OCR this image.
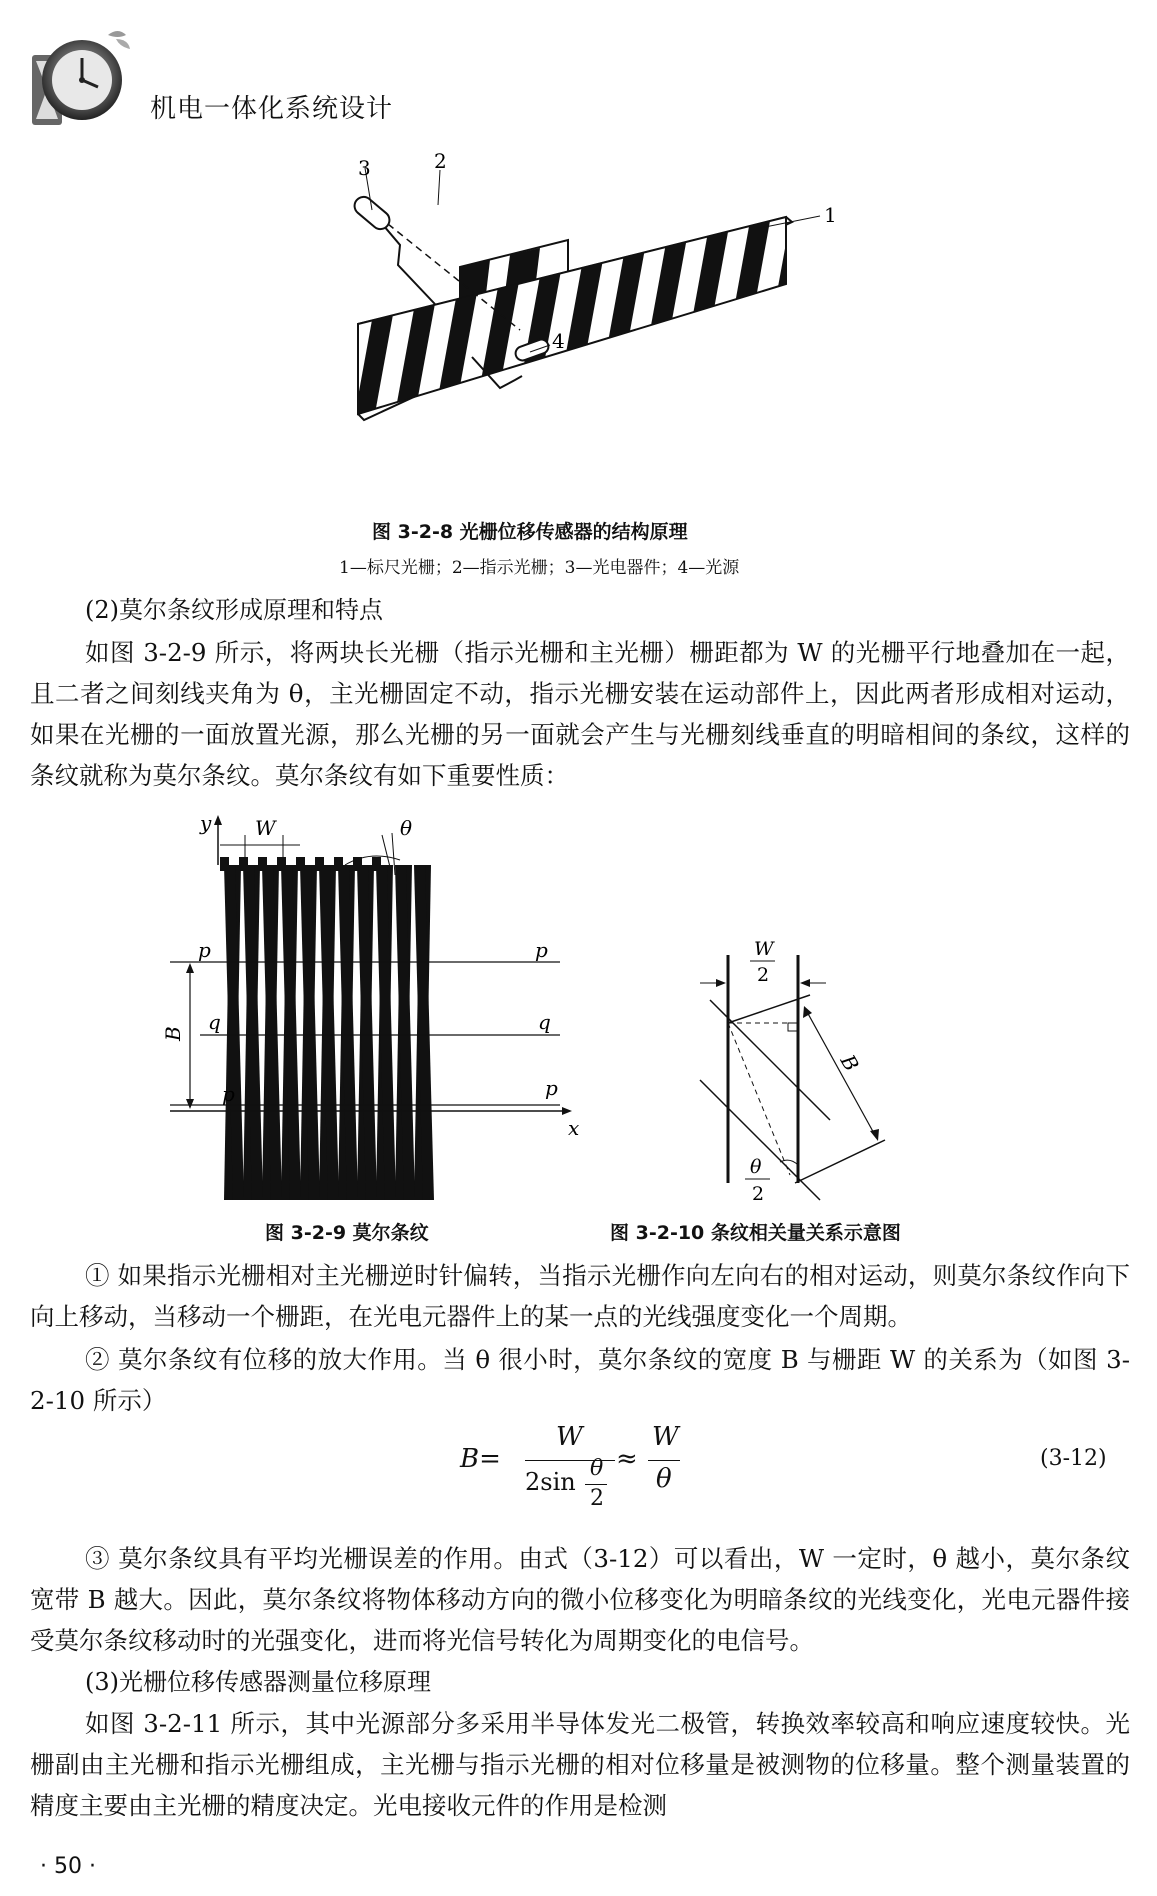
机电一体化系统设计
3	2
1
4
图 3-2-8 光栅位移传感器的结构原理
1—标尺光栅；2—指示光栅；3—光电器件；4—光源
(2)莫尔条纹形成原理和特点
如图 3-2-9 所示，将两块长光栅（指示光栅和主光栅）栅距都为 W 的光栅平行地叠加在一起，且二者之间刻线夹角为 θ，主光栅固定不动，指示光栅安装在运动部件上，因此两者形成相对运动，如果在光栅的一面放置光源，那么光栅的另一面就会产生与光栅刻线垂直的明暗相间的条纹，这样的条纹就称为莫尔条纹。莫尔条纹有如下重要性质：
y
x
W	θ
p	p
q	q
p	p
B
图 3-2-9 莫尔条纹
W
2
B
θ
2
图 3-2-10 条纹相关量关系示意图
① 如果指示光栅相对主光栅逆时针偏转，当指示光栅作向左向右的相对运动，则莫尔条纹作向下向上移动，当移动一个栅距，在光电元器件上的某一点的光线强度变化一个周期。
② 莫尔条纹有位移的放大作用。当 θ 很小时，莫尔条纹的宽度 B 与栅距 W 的关系为（如图 3-2-10 所示）
B=
W
2sin θ
2
≈
W
θ
(3-12)
③ 莫尔条纹具有平均光栅误差的作用。由式（3-12）可以看出，W 一定时，θ 越小，莫尔条纹宽带 B 越大。因此，莫尔条纹将物体移动方向的微小位移变化为明暗条纹的光线变化，光电元器件接受莫尔条纹移动时的光强变化，进而将光信号转化为周期变化的电信号。
(3)光栅位移传感器测量位移原理
如图 3-2-11 所示，其中光源部分多采用半导体发光二极管，转换效率较高和响应速度较快。光栅副由主光栅和指示光栅组成，主光栅与指示光栅的相对位移量是被测物的位移量。整个测量装置的精度主要由主光栅的精度决定。光电接收元件的作用是检测
· 50 ·
